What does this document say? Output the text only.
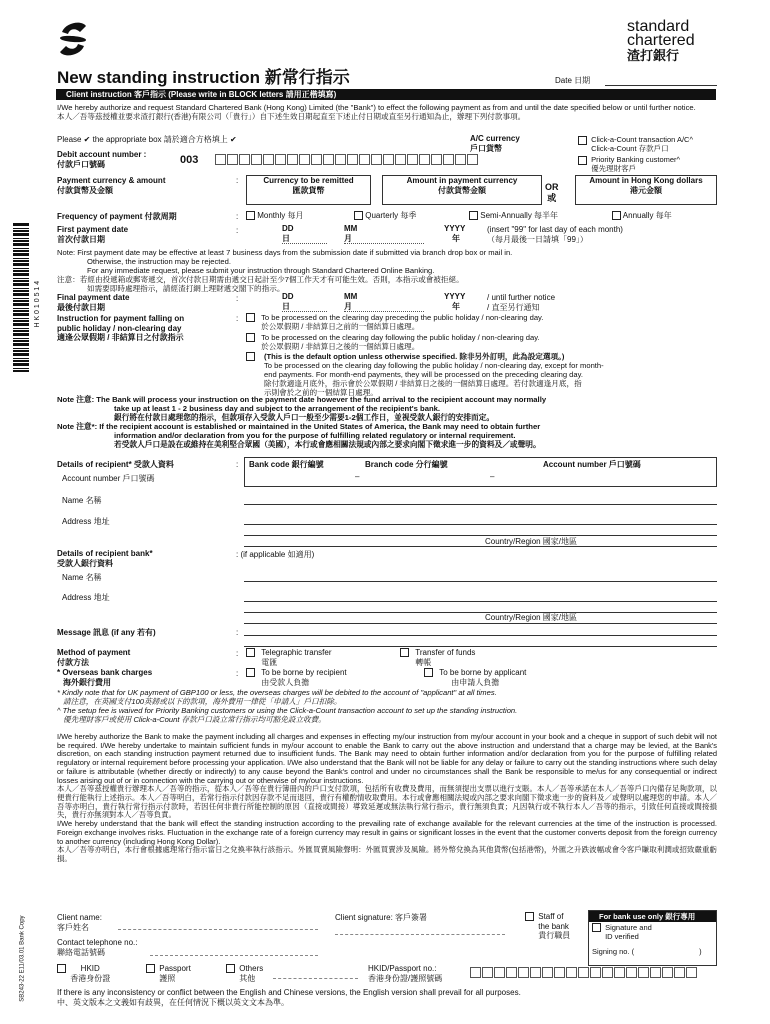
standard
chartered
渣打銀行
New standing instruction 新常行指示	Date 日期
Client instruction 客戶指示 (Please write in BLOCK letters 請用正楷填寫)

I/We hereby authorize and request Standard Chartered Bank (Hong Kong) Limited (the "Bank") to effect the following payment as from and until the date specified below or until further notice.

本人／吾等茲授權並要求渣打銀行(香港)有限公司（「貴行」）自下述生效日期起直至下述止付日期或直至另行通知為止，辦理下列付款事項。

Please ✔ the appropriate box 請於適合方格填上 ✔	A/C currency
戶口貨幣
Click-a-Count transaction A/C^
Click-a-Count 存款戶口
Priority Banking customer^
優先理財客戶
Debit account number :
付款戶口號碼	003
Payment currency & amount
付款貨幣及金額
:	Currency to be remitted
匯款貨幣
Amount in payment currency
付款貨幣金額	OR
或
Amount in Hong Kong dollars
港元金額
Frequency of payment 付款周期	:	Monthly 每月	Quarterly 每季	Semi-Annually 每半年	Annually 每年
First payment date
首次付款日期
:	DD
日
MM
月
YYYY
年
(insert "99" for last day of each month)
（每月最後一日請填「99」）

Note: First payment date may be effective at least 7 business days from the submission date if submitted via branch drop box or mail in.

Otherwise, the instruction may be rejected.

For any immediate request, please submit your instruction through Standard Chartered Online Banking.

注意：若經由投遞箱或郵寄遞交，首次付款日期需由遞交日起計至少7個工作天才有可能生效。否則，本指示或會被拒絕。

如需要即時處理指示，請經渣打網上理財遞交閣下的指示。

Final payment date
最後付款日期
:	DD
日
MM
月
YYYY
年
/ until further notice
/ 直至另行通知
Instruction for payment falling on
public holiday / non-clearing day
適逢公眾假期 / 非結算日之付款指示
:	To be processed on the clearing day preceding the public holiday / non-clearing day.
於公眾假期 / 非結算日之前的一個結算日處理。
To be processed on the clearing day following the public holiday / non-clearing day.
於公眾假期 / 非結算日之後的一個結算日處理。
(This is the default option unless otherwise specified. 除非另外訂明，此為設定選項。)
To be processed on the clearing day following the public holiday / non-clearing day, except for month-
end payments. For month-end payments, they will be processed on the preceding clearing day.
除付款適逢月底外，指示會於公眾假期 / 非結算日之後的一個結算日處理。若付款適逢月底，指
示則會於之前的一個結算日處理。

Note 注意: The Bank will process your instruction on the payment date however the fund arrival to the recipient account may normally

take up at least 1 - 2 business day and subject to the arrangement of the recipient's bank.

銀行將在付款日處理您的指示，但款項存入受款人戶口一般至少需要1-2個工作日，並視受款人銀行的安排而定。

Note 注意*: If the recipient account is established or maintained in the United States of America, the Bank may need to obtain further

information and/or declaration from you for the purpose of fulfilling related regulatory or internal requirement.

若受款人戶口是設在或維持在美利堅合眾國（美國），本行或會應相關法規或內部之要求向閣下徵求進一步的資料及／或聲明。

Details of recipient* 受款人資料
Account number 戶口號碼
: Bank code 銀行編號	Branch code 分行編號	Account number 戶口號碼
–	–
Name 名稱
Address 地址
Country/Region 國家/地區
Details of recipient bank*
受款人銀行資料
: (if applicable 如適用)
Name 名稱
Address 地址
Country/Region 國家/地區
Message 訊息 (if any 若有)	:
Method of payment
付款方法
:	Telegraphic transfer
電匯
Transfer of funds
轉帳
* Overseas bank charges
海外銀行費用
:	To be borne by recipient
由受款人負擔
To be borne by applicant
由申請人負擔

* Kindly note that for UK payment of GBP100 or less, the overseas charges will be debited to the account of "applicant" at all times.

請注意，在英國支付100英鎊或以下的款項，海外費用一律從「申請人」戶口扣除。

^ The setup fee is waived for Priority Banking customers or using the Click-a-Count transaction account to set up the standing instruction.

優先理財客戶或使用 Click-a-Count 存款戶口設立常行指示均可豁免設立收費。

I/We hereby authorize the Bank to make the payment including all charges and expenses in effecting my/our instruction from my/our account in your book and a cheque in support of such debit will not be required. I/We hereby undertake to maintain sufficient funds in my/our account to enable the Bank to carry out the above instruction and understand that a charge may be levied, at the Bank's discretion, on each standing instruction payment returned due to insufficient funds. The Bank may need to obtain further information and/or declaration from you for the purpose of fulfilling related regulatory or internal requirement before processing your application. I/We also understand that the Bank will not be liable for any delay or failure to carry out the standing instructions where such delay or failure is attributable (whether directly or indirectly) to any cause beyond the Bank's control and under no circumstances shall the Bank be responsible to me/us for any consequential or indirect losses arising out of or in connection with the carrying out or otherwise of my/our instructions.

本人／吾等茲授權貴行辦理本人／吾等的指示，從本人／吾等在貴行簿冊內的戶口支付款項，包括所有收費及費用，而無須提出支票以進行支賬。本人／吾等承諾在本人／吾等戶口內備存足夠款項，以便貴行能執行上述指示。本人／吾等明白，若常行指示付款因存款不足而退回，貴行有權酌情收取費用。本行或會應相關法規或內部之要求向閣下徵求進一步的資料及／或聲明以處理您的申請。本人／吾等亦明白，貴行執行常行指示付款時，若因任何非貴行所能控制的原因（直接或間接）導致延遲或無法執行常行指示，貴行無須負責；凡因執行或不執行本人／吾等的指示，引致任何直接或間接損失，貴行亦無須對本人／吾等負責。

I/We hereby understand that the bank will effect the standing instruction according to the prevailing rate of exchange available for the relevant currencies at the time of the instruction is processed. Foreign exchange involves risks. Fluctuation in the exchange rate of a foreign currency may result in gains or significant losses in the event that the customer converts deposit from the foreign currency to another currency (including Hong Kong Dollar).

本人／吾等亦明白，本行會根據處理常行指示當日之兌換率執行該指示。外匯買賣風險聲明：外匯買賣涉及風險。將外幣兌換為其他貨幣(包括港幣)，外匯之升跌波幅或會令客戶賺取利潤或招致嚴重虧損。

Client name:
客戶姓名
Client signature: 客戶簽署	Staff of
the bank
貴行職員
For bank use only 銀行專用
Signature and
ID verified
Signing no. (	)
Contact telephone no.:
聯絡電話號碼
HKID
香港身份證
Passport
護照
Others
其他
HKID/Passport no.:
香港身份證/護照號碼

If there is any inconsistency or conflict between the English and Chinese versions, the English version shall prevail for all purposes.

中、英文版本之文義如有歧異，在任何情況下概以英文文本為準。

H K 0 1 0 5 1 4
SB243-22 E11/03.01 Bank Copy
